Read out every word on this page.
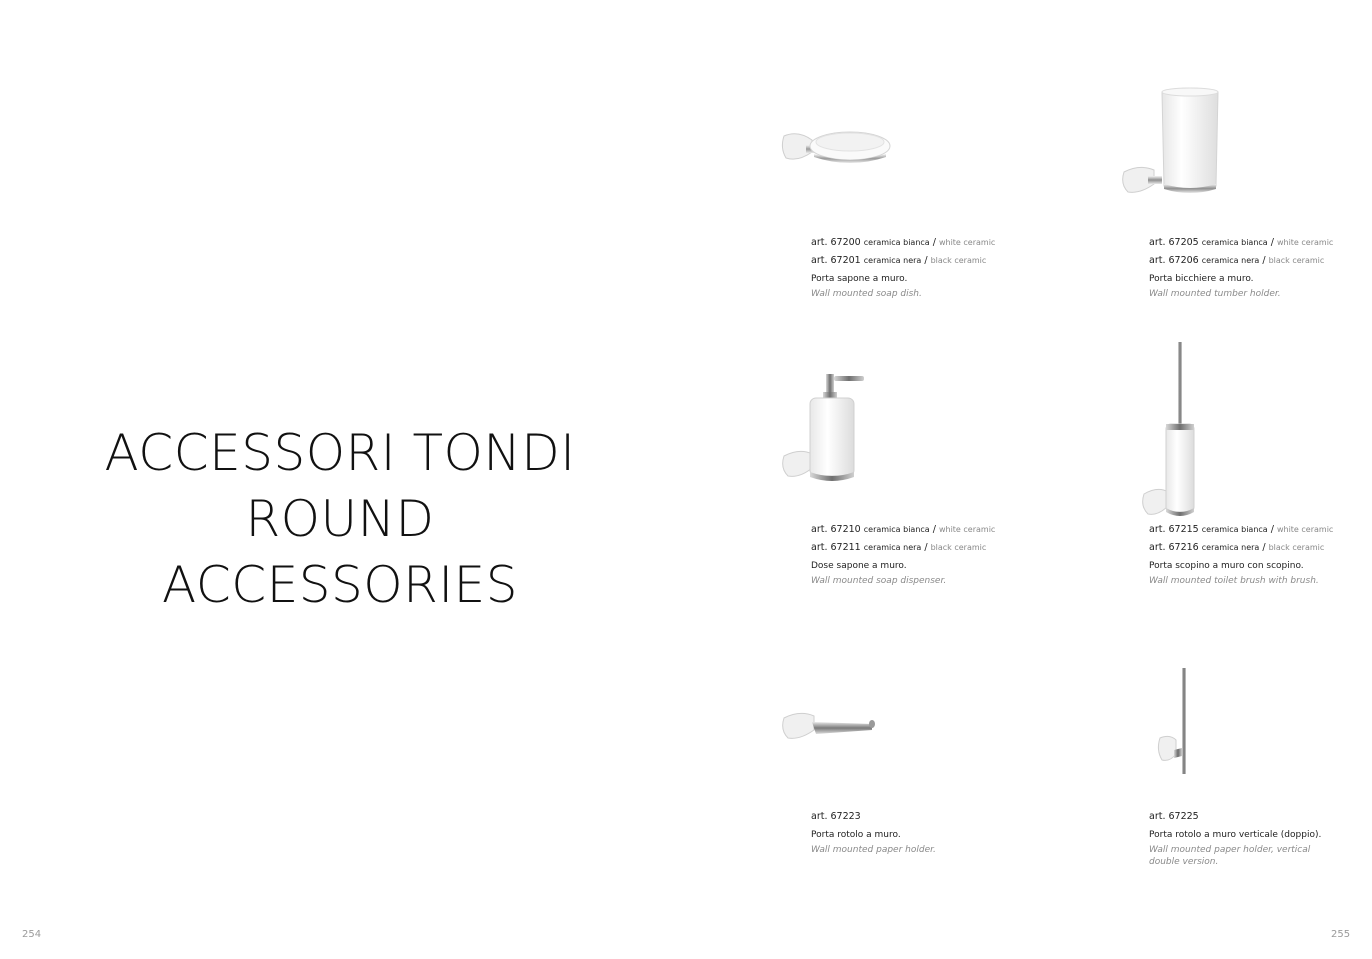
ACCESSORI TONDI
ROUND ACCESSORIES
art. 67200 ceramica bianca / white ceramic
art. 67201 ceramica nera / black ceramic
Porta sapone a muro.
Wall mounted soap dish.
art. 67205 ceramica bianca / white ceramic
art. 67206 ceramica nera / black ceramic
Porta bicchiere a muro.
Wall mounted tumber holder.
art. 67210 ceramica bianca / white ceramic
art. 67211 ceramica nera / black ceramic
Dose sapone a muro.
Wall mounted soap dispenser.
art. 67215 ceramica bianca / white ceramic
art. 67216 ceramica nera / black ceramic
Porta scopino a muro con scopino.
Wall mounted toilet brush with brush.
art. 67223
Porta rotolo a muro.
Wall mounted paper holder.
art. 67225
Porta rotolo a muro verticale (doppio).
Wall mounted paper holder, vertical double version.
254	255
